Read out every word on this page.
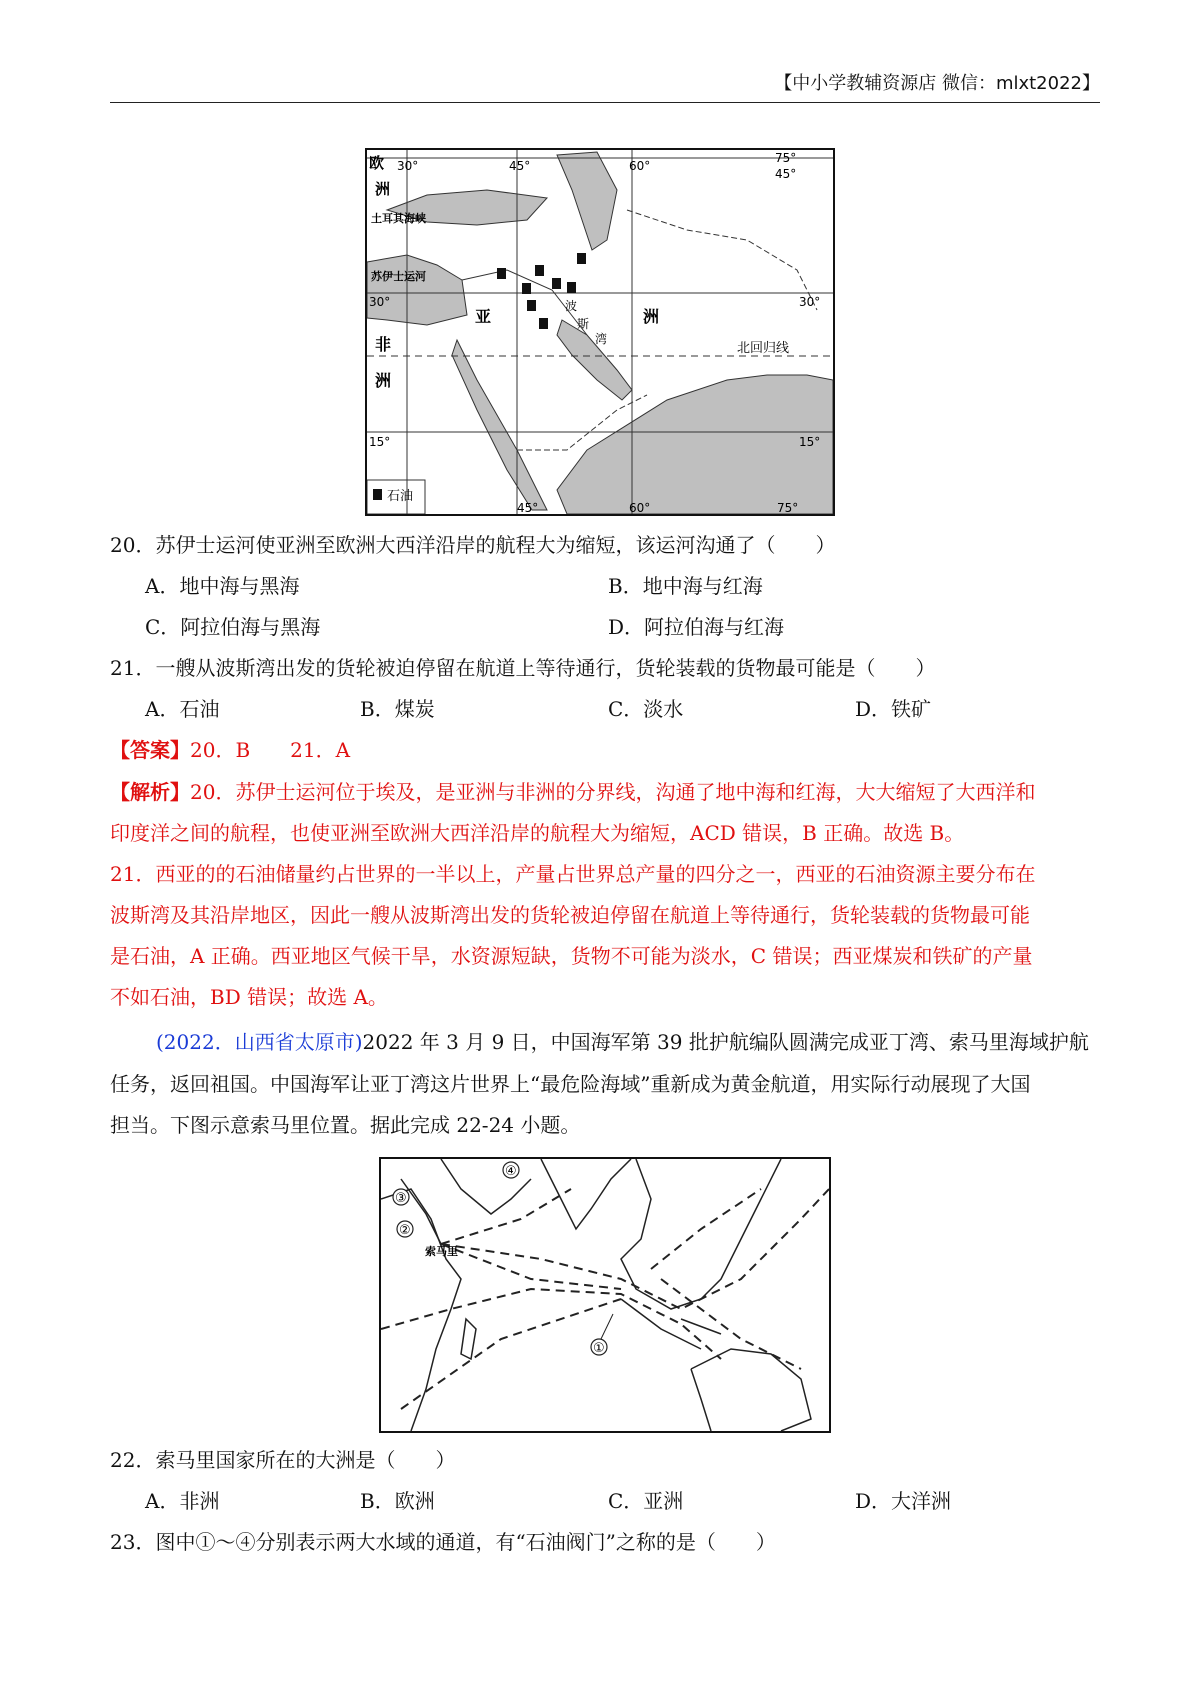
【中小学教辅资源店 微信：mlxt2022】
欧
洲
30°	45°	60°
75°
45°
土耳其海峡
苏伊士运河
30°	30°
非
洲
亚	洲
波
斯
湾
北回归线
15°	15°
45°	60°	75°
石油
20．苏伊士运河使亚洲至欧洲大西洋沿岸的航程大为缩短，该运河沟通了（　　）
A．地中海与黑海	B．地中海与红海
C．阿拉伯海与黑海	D．阿拉伯海与红海
21．一艘从波斯湾出发的货轮被迫停留在航道上等待通行，货轮装载的货物最可能是（　　）
A．石油	B．煤炭	C．淡水	D．铁矿
【答案】20．B　　21．A
【解析】20．苏伊士运河位于埃及，是亚洲与非洲的分界线，沟通了地中海和红海，大大缩短了大西洋和
印度洋之间的航程，也使亚洲至欧洲大西洋沿岸的航程大为缩短，ACD 错误，B 正确。故选 B。
21．西亚的的石油储量约占世界的一半以上，产量占世界总产量的四分之一，西亚的石油资源主要分布在
波斯湾及其沿岸地区，因此一艘从波斯湾出发的货轮被迫停留在航道上等待通行，货轮装载的货物最可能
是石油，A 正确。西亚地区气候干旱，水资源短缺，货物不可能为淡水，C 错误；西亚煤炭和铁矿的产量
不如石油，BD 错误；故选 A。
(2022．山西省太原市)2022 年 3 月 9 日，中国海军第 39 批护航编队圆满完成亚丁湾、索马里海域护航
任务，返回祖国。中国海军让亚丁湾这片世界上“最危险海域”重新成为黄金航道，用实际行动展现了大国
担当。下图示意索马里位置。据此完成 22-24 小题。
④
③
②
索马里
①
22．索马里国家所在的大洲是（　　）
A．非洲	B．欧洲	C．亚洲	D．大洋洲
23．图中①～④分别表示两大水域的通道，有“石油阀门”之称的是（　　）
